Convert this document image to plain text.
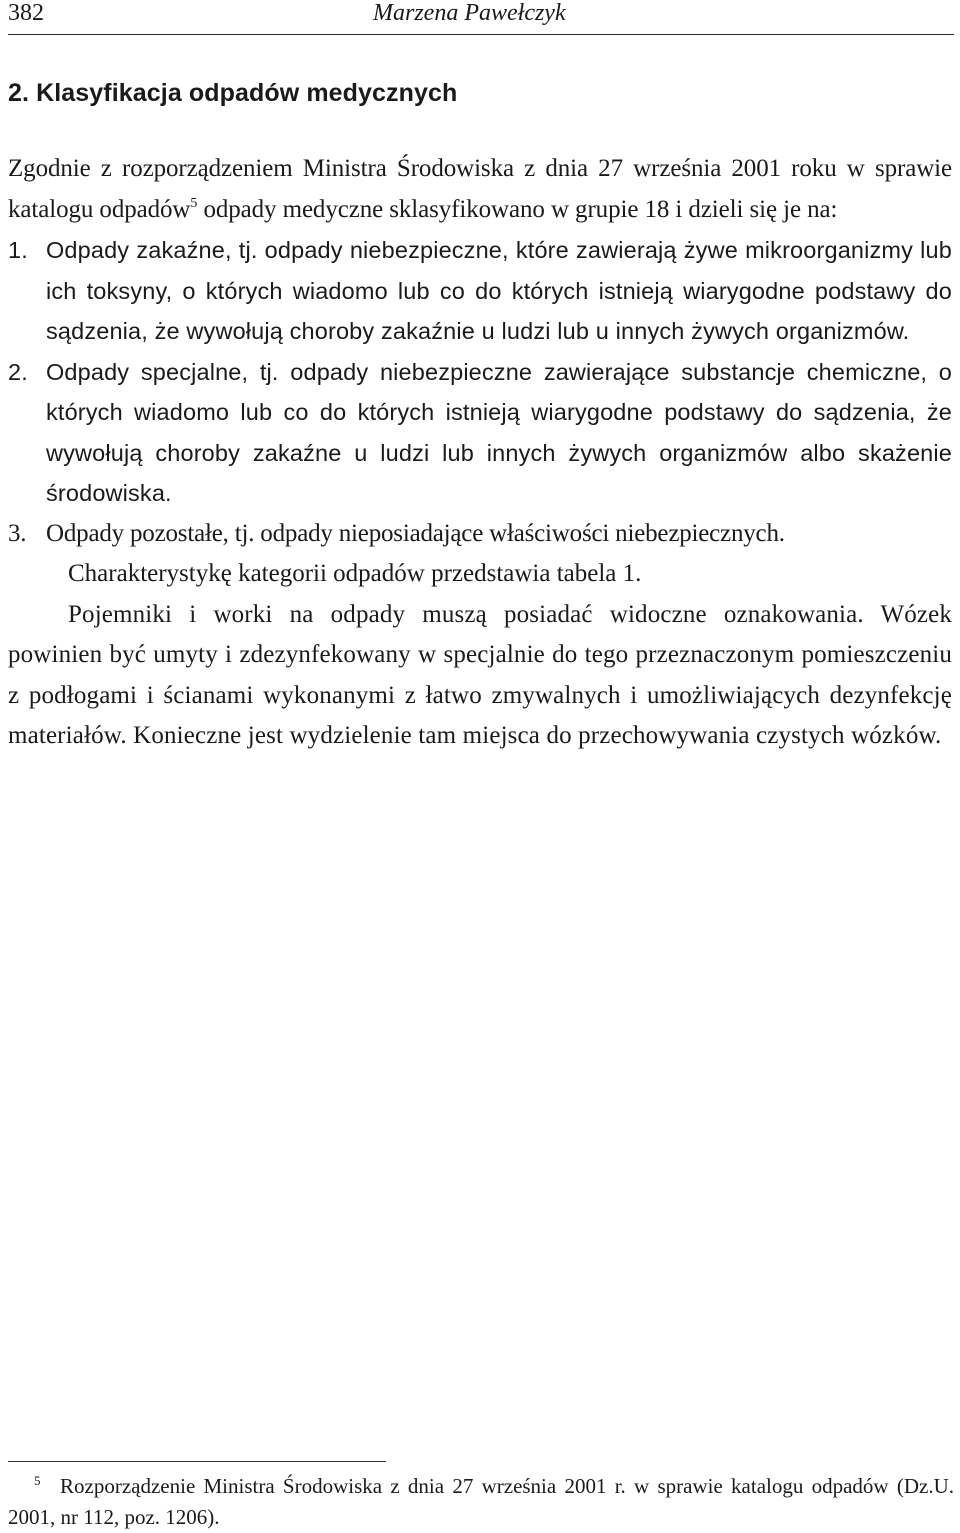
382	Marzena Pawełczyk
2. Klasyfikacja odpadów medycznych

Zgodnie z rozporządzeniem Ministra Środowiska z dnia 27 września 2001 roku w sprawie katalogu odpadów$^5$ odpady medyczne sklasyfikowano w grupie 18 i dzieli się je na:

1. Odpady zakaźne, tj. odpady niebezpieczne, które zawierają żywe mikroorganizmy lub ich toksyny, o których wiadomo lub co do których istnieją wiarygodne podstawy do sądzenia, że wywołują choroby zakaźnie u ludzi lub u innych żywych organizmów.
2. Odpady specjalne, tj. odpady niebezpieczne zawierające substancje chemiczne, o których wiadomo lub co do których istnieją wiarygodne podstawy do sądzenia, że wywołują choroby zakaźne u ludzi lub innych żywych organizmów albo skażenie środowiska.
3. Odpady pozostałe, tj. odpady nieposiadające właściwości niebezpiecznych.

Charakterystykę kategorii odpadów przedstawia tabela 1.

Pojemniki i worki na odpady muszą posiadać widoczne oznakowania. Wózek powinien być umyty i zdezynfekowany w specjalnie do tego przeznaczonym pomieszczeniu z podłogami i ścianami wykonanymi z łatwo zmywalnych i umożliwiających dezynfekcję materiałów. Konieczne jest wydzielenie tam miejsca do przechowywania czystych wózków.

5 Rozporządzenie Ministra Środowiska z dnia 27 września 2001 r. w sprawie katalogu odpadów (Dz.U. 2001, nr 112, poz. 1206).
